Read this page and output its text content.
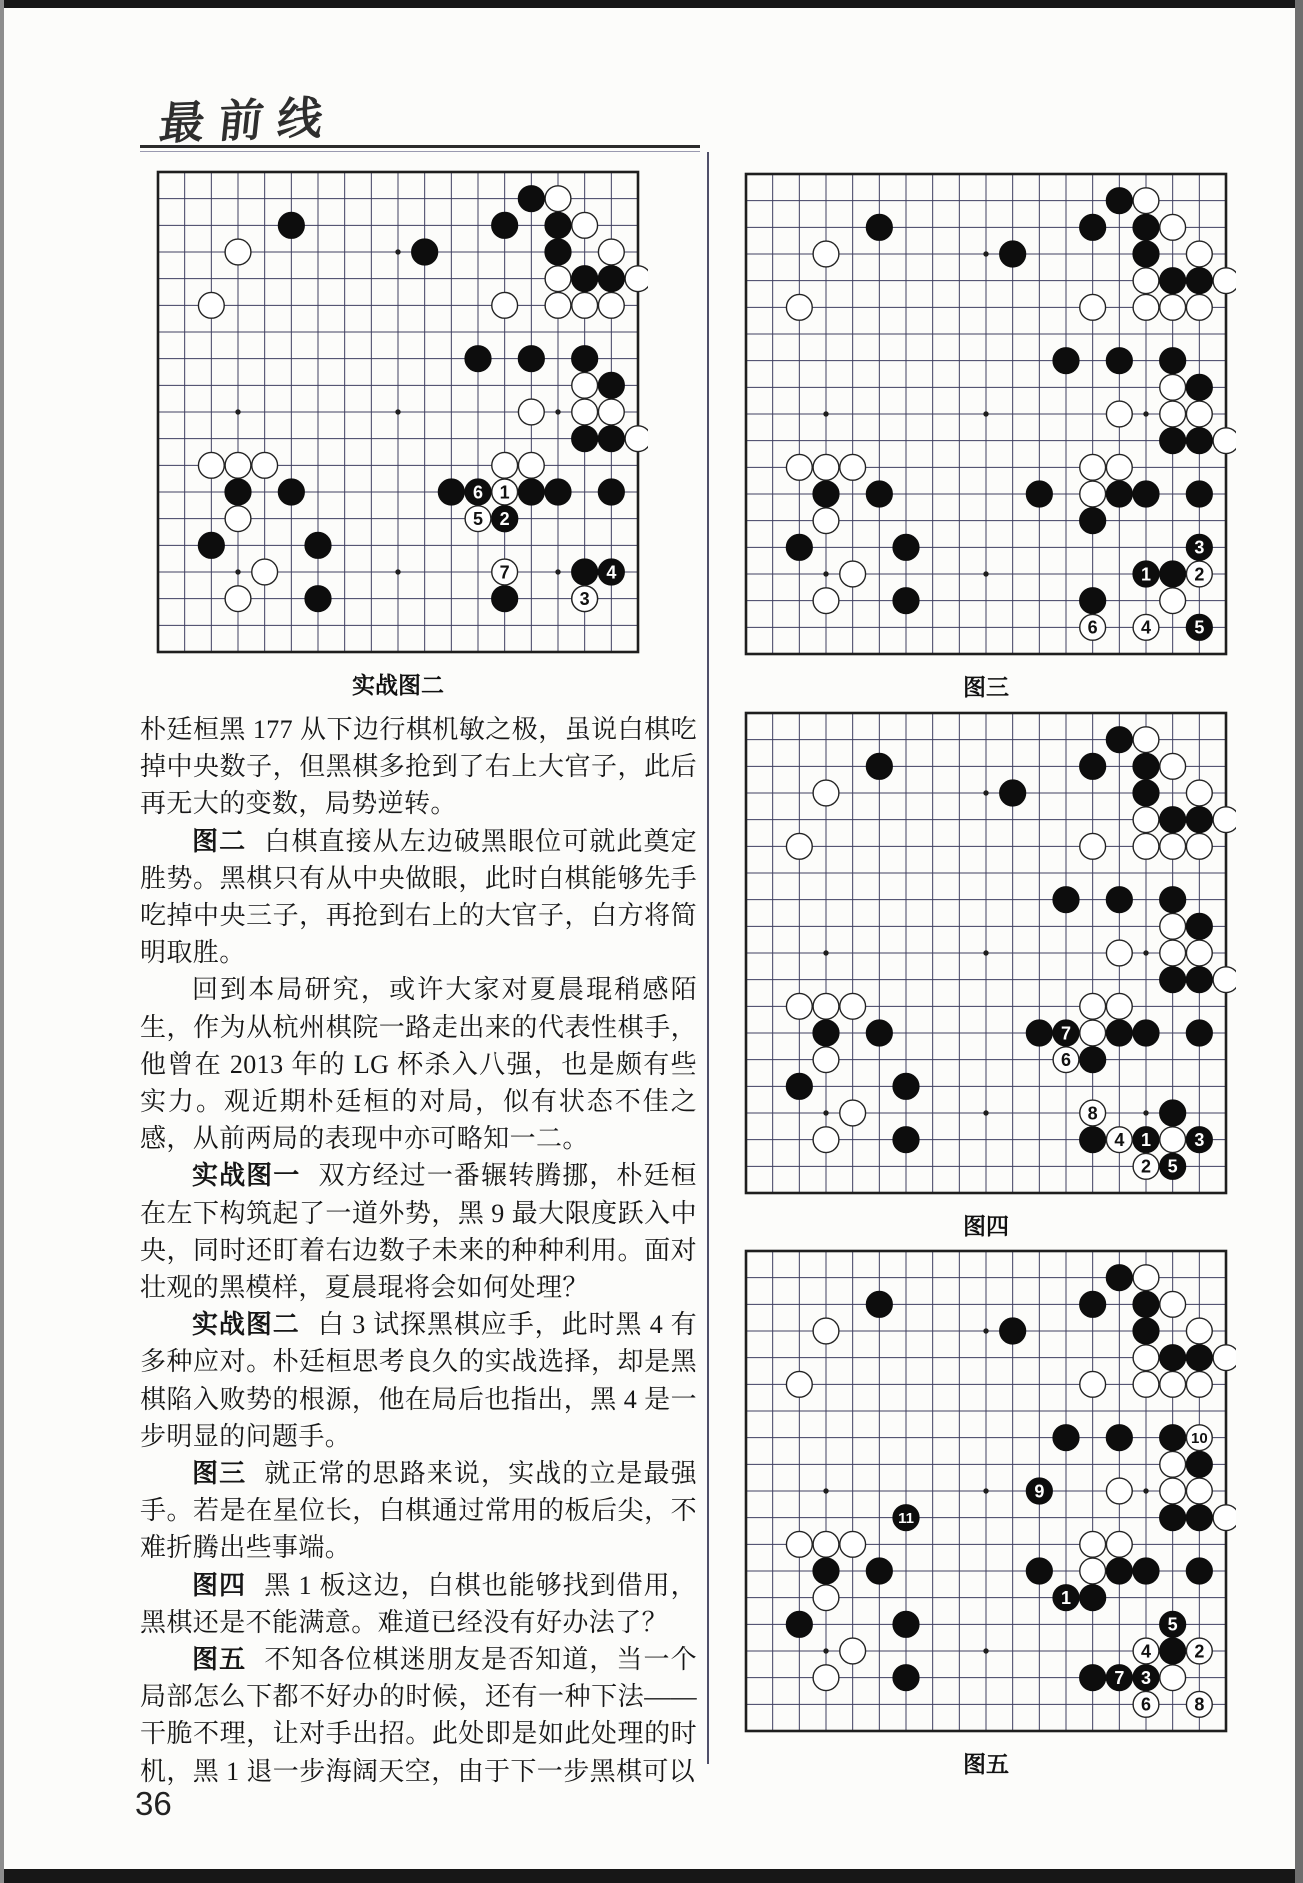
最前线
1
2
3
4
5
6
7
实战图二
1 2
3
4 5
6
图三
1
2
3
4
5
6
7
8
图四
1
2
3
4
5
6
7
8
9
10
11
图五

朴廷桓黑 177 从下边行棋机敏之极，虽说白棋吃掉中央数子，但黑棋多抢到了右上大官子，此后再无大的变数，局势逆转。

图二 白棋直接从左边破黑眼位可就此奠定胜势。黑棋只有从中央做眼，此时白棋能够先手吃掉中央三子，再抢到右上的大官子，白方将简明取胜。

回到本局研究，或许大家对夏晨琨稍感陌生，作为从杭州棋院一路走出来的代表性棋手，他曾在 2013 年的 LG 杯杀入八强，也是颇有些实力。观近期朴廷桓的对局，似有状态不佳之感，从前两局的表现中亦可略知一二。

实战图一 双方经过一番辗转腾挪，朴廷桓在左下构筑起了一道外势，黑 9 最大限度跃入中央，同时还盯着右边数子未来的种种利用。面对壮观的黑模样，夏晨琨将会如何处理？

实战图二 白 3 试探黑棋应手，此时黑 4 有多种应对。朴廷桓思考良久的实战选择，却是黑棋陷入败势的根源，他在局后也指出，黑 4 是一步明显的问题手。

图三 就正常的思路来说，实战的立是最强手。若是在星位长，白棋通过常用的板后尖，不难折腾出些事端。

图四 黑 1 板这边，白棋也能够找到借用，黑棋还是不能满意。难道已经没有好办法了？

图五 不知各位棋迷朋友是否知道，当一个局部怎么下都不好办的时候，还有一种下法——干脆不理，让对手出招。此处即是如此处理的时机，黑 1 退一步海阔天空，由于下一步黑棋可以

36
